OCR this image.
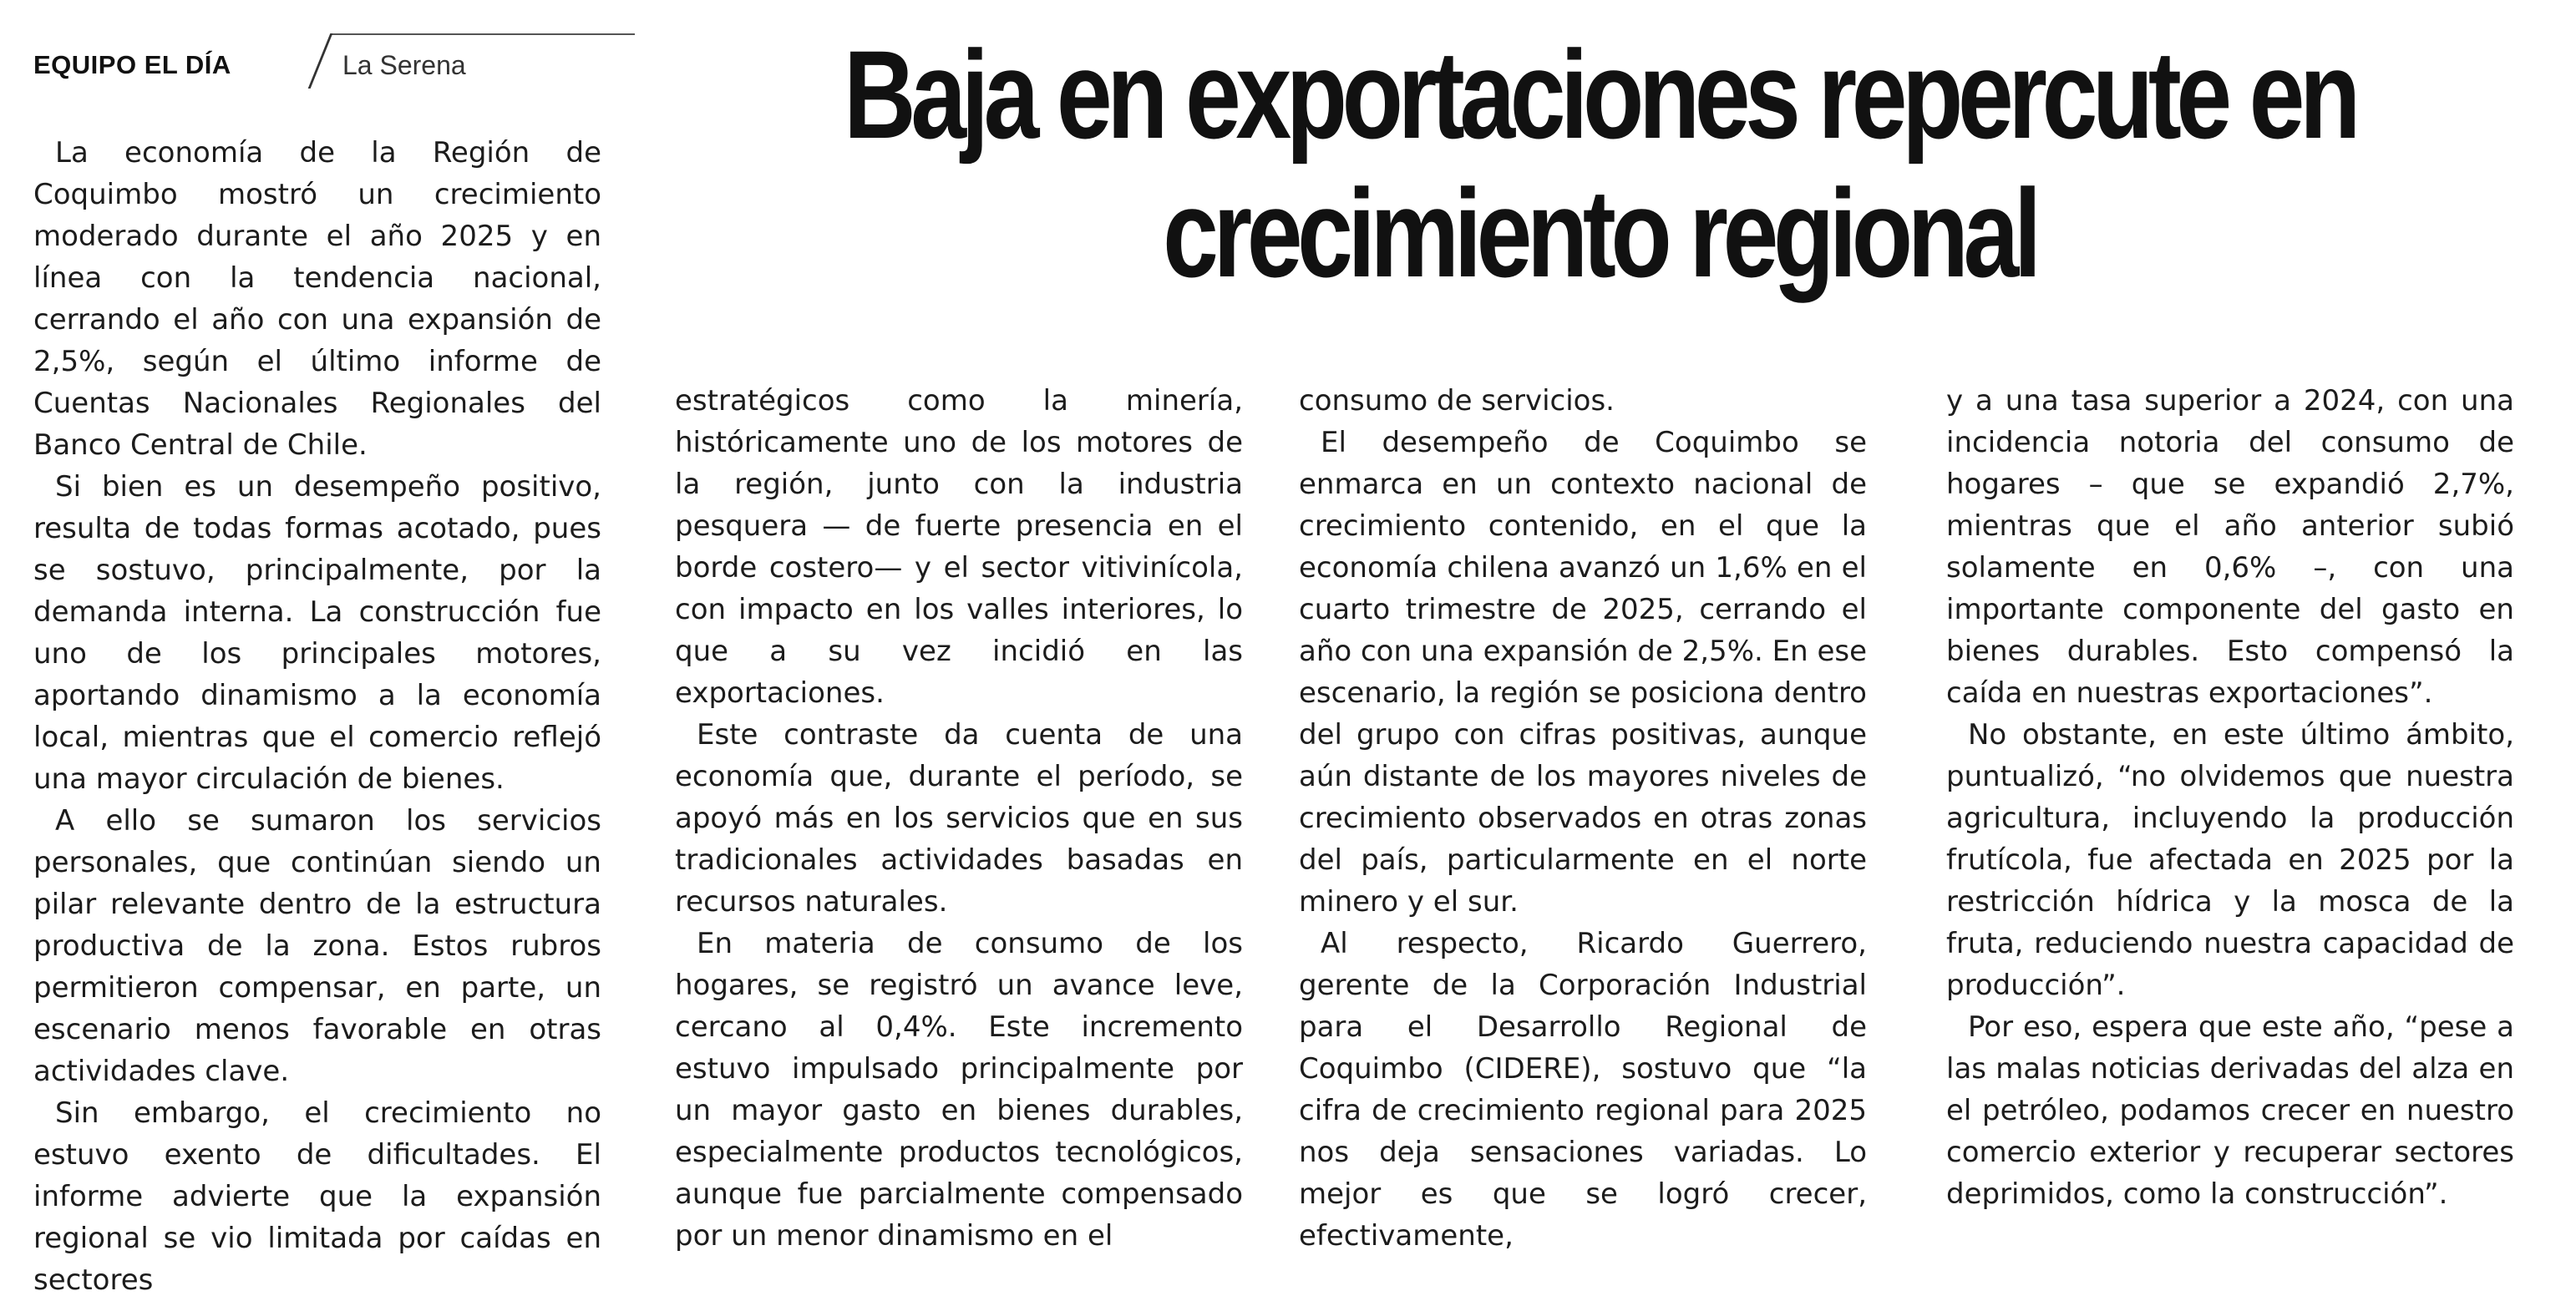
EQUIPO EL DÍA	La Serena	Baja en exportaciones repercute en crecimiento regional

La economía de la Región de Coquimbo mostró un crecimiento moderado durante el año 2025 y en línea con la tendencia nacional, cerrando el año con una expansión de 2,5%, según el último informe de Cuentas Nacionales Regionales del Banco Central de Chile.

Si bien es un desempeño positivo, resulta de todas formas acotado, pues se sostuvo, principalmente, por la demanda interna. La construcción fue uno de los principales motores, aportando dinamismo a la economía local, mientras que el comercio reflejó una mayor circulación de bienes.

A ello se sumaron los servicios personales, que continúan siendo un pilar relevante dentro de la estructura productiva de la zona. Estos rubros permitieron compensar, en parte, un escenario menos favorable en otras actividades clave.

Sin embargo, el crecimiento no estuvo exento de dificultades. El informe advierte que la expansión regional se vio limitada por caídas en sectores

estratégicos como la minería, históricamente uno de los motores de la región, junto con la industria pesquera — de fuerte presencia en el borde costero— y el sector vitivinícola, con impacto en los valles interiores, lo que a su vez incidió en las exportaciones.

Este contraste da cuenta de una economía que, durante el período, se apoyó más en los servicios que en sus tradicionales actividades basadas en recursos naturales.

En materia de consumo de los hogares, se registró un avance leve, cercano al 0,4%. Este incremento estuvo impulsado principalmente por un mayor gasto en bienes durables, especialmente productos tecnológicos, aunque fue parcialmente compensado por un menor dinamismo en el

consumo de servicios.

El desempeño de Coquimbo se enmarca en un contexto nacional de crecimiento contenido, en el que la economía chilena avanzó un 1,6% en el cuarto trimestre de 2025, cerrando el año con una expansión de 2,5%. En ese escenario, la región se posiciona dentro del grupo con cifras positivas, aunque aún distante de los mayores niveles de crecimiento observados en otras zonas del país, particularmente en el norte minero y el sur.

Al respecto, Ricardo Guerrero, gerente de la Corporación Industrial para el Desarrollo Regional de Coquimbo (CIDERE), sostuvo que “la cifra de crecimiento regional para 2025 nos deja sensaciones variadas. Lo mejor es que se logró crecer, efectivamente,

y a una tasa superior a 2024, con una incidencia notoria del consumo de hogares – que se expandió 2,7%, mientras que el año anterior subió solamente en 0,6% –, con una importante componente del gasto en bienes durables. Esto compensó la caída en nuestras exportaciones”.

No obstante, en este último ámbito, puntualizó, “no olvidemos que nuestra agricultura, incluyendo la producción frutícola, fue afectada en 2025 por la restricción hídrica y la mosca de la fruta, reduciendo nuestra capacidad de producción”.

Por eso, espera que este año, “pese a las malas noticias derivadas del alza en el petróleo, podamos crecer en nuestro comercio exterior y recuperar sectores deprimidos, como la construcción”.
